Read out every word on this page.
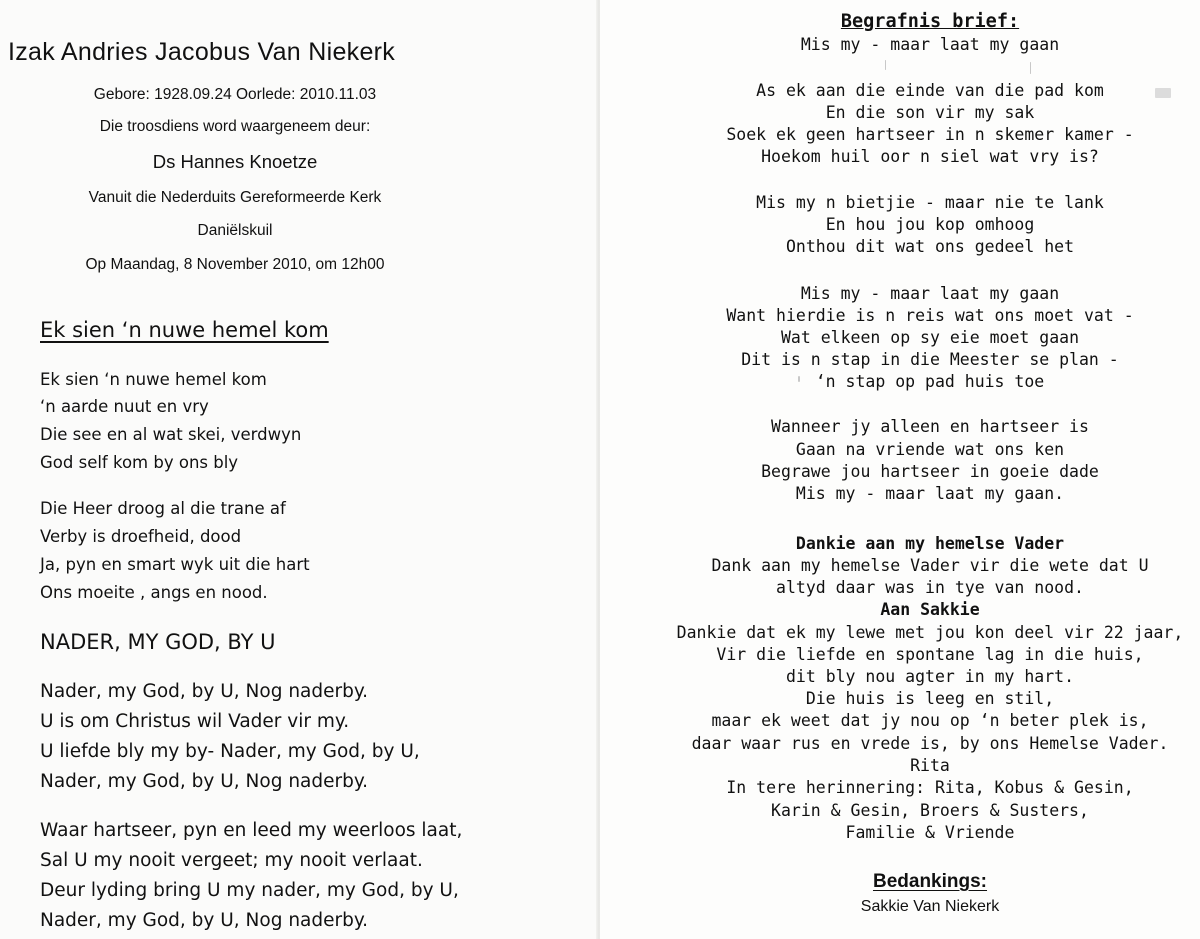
Izak Andries Jacobus Van Niekerk
Gebore: 1928.09.24 Oorlede: 2010.11.03
Die troosdiens word waargeneem deur:
Ds Hannes Knoetze
Vanuit die Nederduits Gereformeerde Kerk
Daniëlskuil
Op Maandag, 8 November 2010, om 12h00
Ek sien ‘n nuwe hemel kom
Ek sien ‘n nuwe hemel kom
‘n aarde nuut en vry
Die see en al wat skei, verdwyn
God self kom by ons bly
Die Heer droog al die trane af
Verby is droefheid, dood
Ja, pyn en smart wyk uit die hart
Ons moeite , angs en nood.
NADER, MY GOD, BY U
Nader, my God, by U, Nog naderby.
U is om Christus wil Vader vir my.
U liefde bly my by- Nader, my God, by U,
Nader, my God, by U, Nog naderby.
Waar hartseer, pyn en leed my weerloos laat,
Sal U my nooit vergeet; my nooit verlaat.
Deur lyding bring U my nader, my God, by U,
Nader, my God, by U, Nog naderby.
Begrafnis brief:
Mis my - maar laat my gaan
As ek aan die einde van die pad kom
En die son vir my sak
Soek ek geen hartseer in n skemer kamer -
Hoekom huil oor n siel wat vry is?
Mis my n bietjie - maar nie te lank
En hou jou kop omhoog
Onthou dit wat ons gedeel het
Mis my - maar laat my gaan
Want hierdie is n reis wat ons moet vat -
Wat elkeen op sy eie moet gaan
Dit is n stap in die Meester se plan -
‘n stap op pad huis toe
Wanneer jy alleen en hartseer is
Gaan na vriende wat ons ken
Begrawe jou hartseer in goeie dade
Mis my - maar laat my gaan.
Dankie aan my hemelse Vader
Dank aan my hemelse Vader vir die wete dat U
altyd daar was in tye van nood.
Aan Sakkie
Dankie dat ek my lewe met jou kon deel vir 22 jaar,
Vir die liefde en spontane lag in die huis,
dit bly nou agter in my hart.
Die huis is leeg en stil,
maar ek weet dat jy nou op ‘n beter plek is,
daar waar rus en vrede is, by ons Hemelse Vader.
Rita
In tere herinnering: Rita, Kobus & Gesin,
Karin & Gesin, Broers & Susters,
Familie & Vriende
Bedankings:
Sakkie Van Niekerk
